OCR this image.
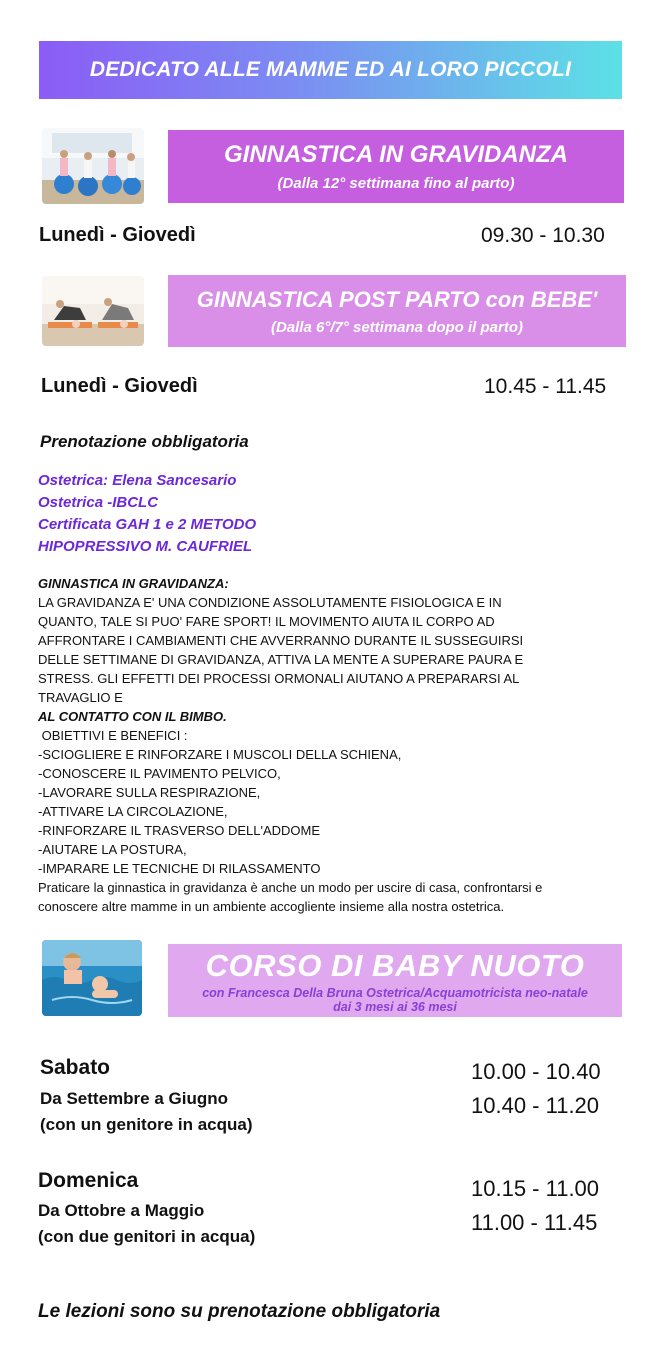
DEDICATO ALLE MAMME ED AI LORO PICCOLI
GINNASTICA IN GRAVIDANZA
(Dalla 12° settimana fino al parto)
Lunedì - Giovedì	09.30 - 10.30
GINNASTICA POST PARTO con BEBE'
(Dalla 6°/7° settimana dopo il parto)
Lunedì - Giovedì	10.45 - 11.45
Prenotazione obbligatoria
Ostetrica: Elena Sancesario
Ostetrica -IBCLC
Certificata GAH 1 e 2 METODO
HIPOPRESSIVO M. CAUFRIEL
GINNASTICA IN GRAVIDANZA:
LA GRAVIDANZA E' UNA CONDIZIONE ASSOLUTAMENTE FISIOLOGICA E IN
QUANTO, TALE SI PUO' FARE SPORT! IL MOVIMENTO AIUTA IL CORPO AD
AFFRONTARE I CAMBIAMENTI CHE AVVERRANNO DURANTE IL SUSSEGUIRSI
DELLE SETTIMANE DI GRAVIDANZA, ATTIVA LA MENTE A SUPERARE PAURA E
STRESS. GLI EFFETTI DEI PROCESSI ORMONALI AIUTANO A PREPARARSI AL
TRAVAGLIO E
AL CONTATTO CON IL BIMBO.
OBIETTIVI E BENEFICI :
-SCIOGLIERE E RINFORZARE I MUSCOLI DELLA SCHIENA,
-CONOSCERE IL PAVIMENTO PELVICO,
-LAVORARE SULLA RESPIRAZIONE,
-ATTIVARE LA CIRCOLAZIONE,
-RINFORZARE IL TRASVERSO DELL'ADDOME
-AIUTARE LA POSTURA,
-IMPARARE LE TECNICHE DI RILASSAMENTO
Praticare la ginnastica in gravidanza è anche un modo per uscire di casa, confrontarsi e
conoscere altre mamme in un ambiente accogliente insieme alla nostra ostetrica.
CORSO DI BABY NUOTO
con Francesca Della Bruna Ostetrica/Acquamotricista neo-natale
dai 3 mesi ai 36 mesi
Sabato
Da Settembre a Giugno
(con un genitore in acqua)
10.00 - 10.40
10.40 - 11.20
Domenica
Da Ottobre a Maggio
(con due genitori in acqua)
10.15 - 11.00
11.00 - 11.45
Le lezioni sono su prenotazione obbligatoria
